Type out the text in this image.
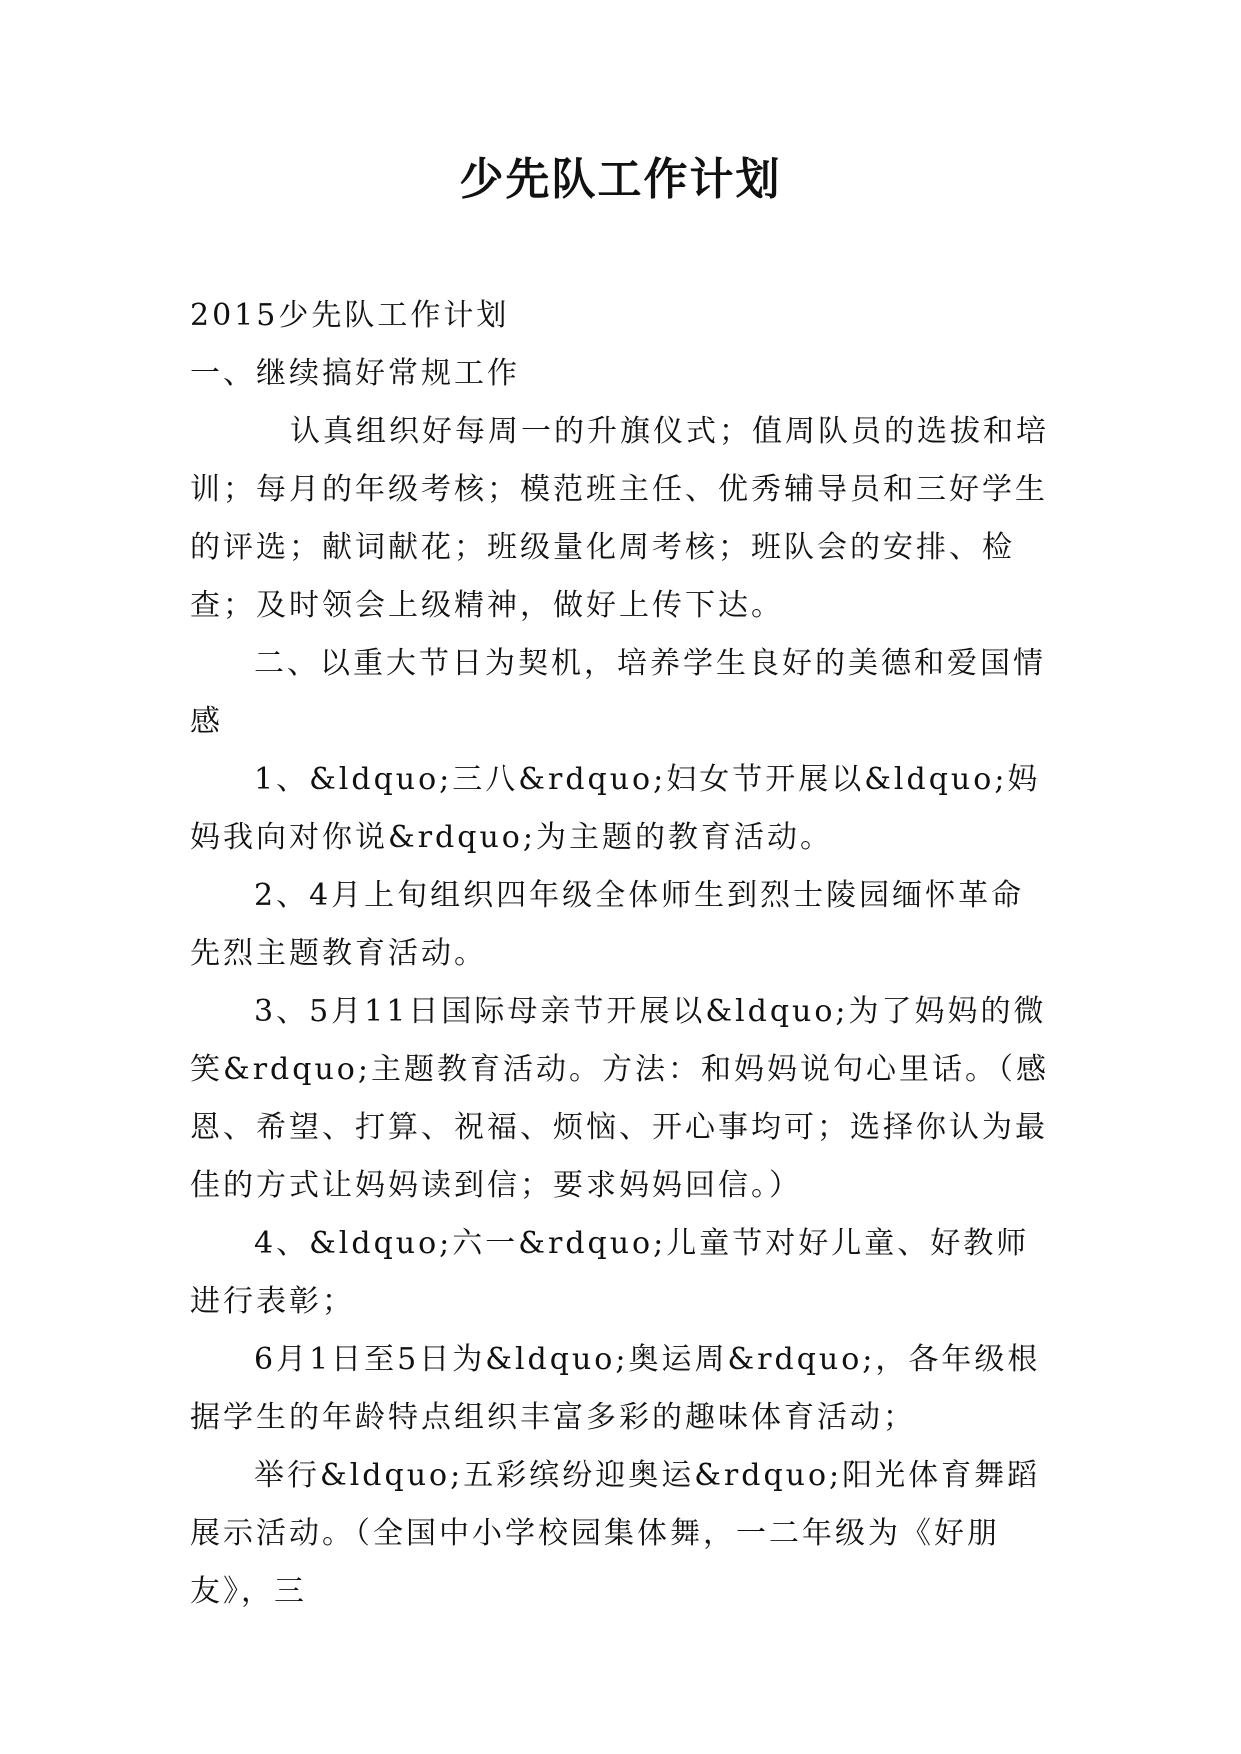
少先队工作计划

2015少先队工作计划

一、继续搞好常规工作

认真组织好每周一的升旗仪式；值周队员的选拔和培训；每月的年级考核；模范班主任、优秀辅导员和三好学生的评选；献词献花；班级量化周考核；班队会的安排、检查；及时领会上级精神，做好上传下达。

二、以重大节日为契机，培养学生良好的美德和爱国情感

1、&ldquo;三八&rdquo;妇女节开展以&ldquo;妈妈我向对你说&rdquo;为主题的教育活动。

2、4月上旬组织四年级全体师生到烈士陵园缅怀革命先烈主题教育活动。

3、5月11日国际母亲节开展以&ldquo;为了妈妈的微笑&rdquo;主题教育活动。方法：和妈妈说句心里话。（感恩、希望、打算、祝福、烦恼、开心事均可；选择你认为最佳的方式让妈妈读到信；要求妈妈回信。）

4、&ldquo;六一&rdquo;儿童节对好儿童、好教师进行表彰；

6月1日至5日为&ldquo;奥运周&rdquo;，各年级根据学生的年龄特点组织丰富多彩的趣味体育活动；

举行&ldquo;五彩缤纷迎奥运&rdquo;阳光体育舞蹈展示活动。（全国中小学校园集体舞，一二年级为《好朋友》，三
